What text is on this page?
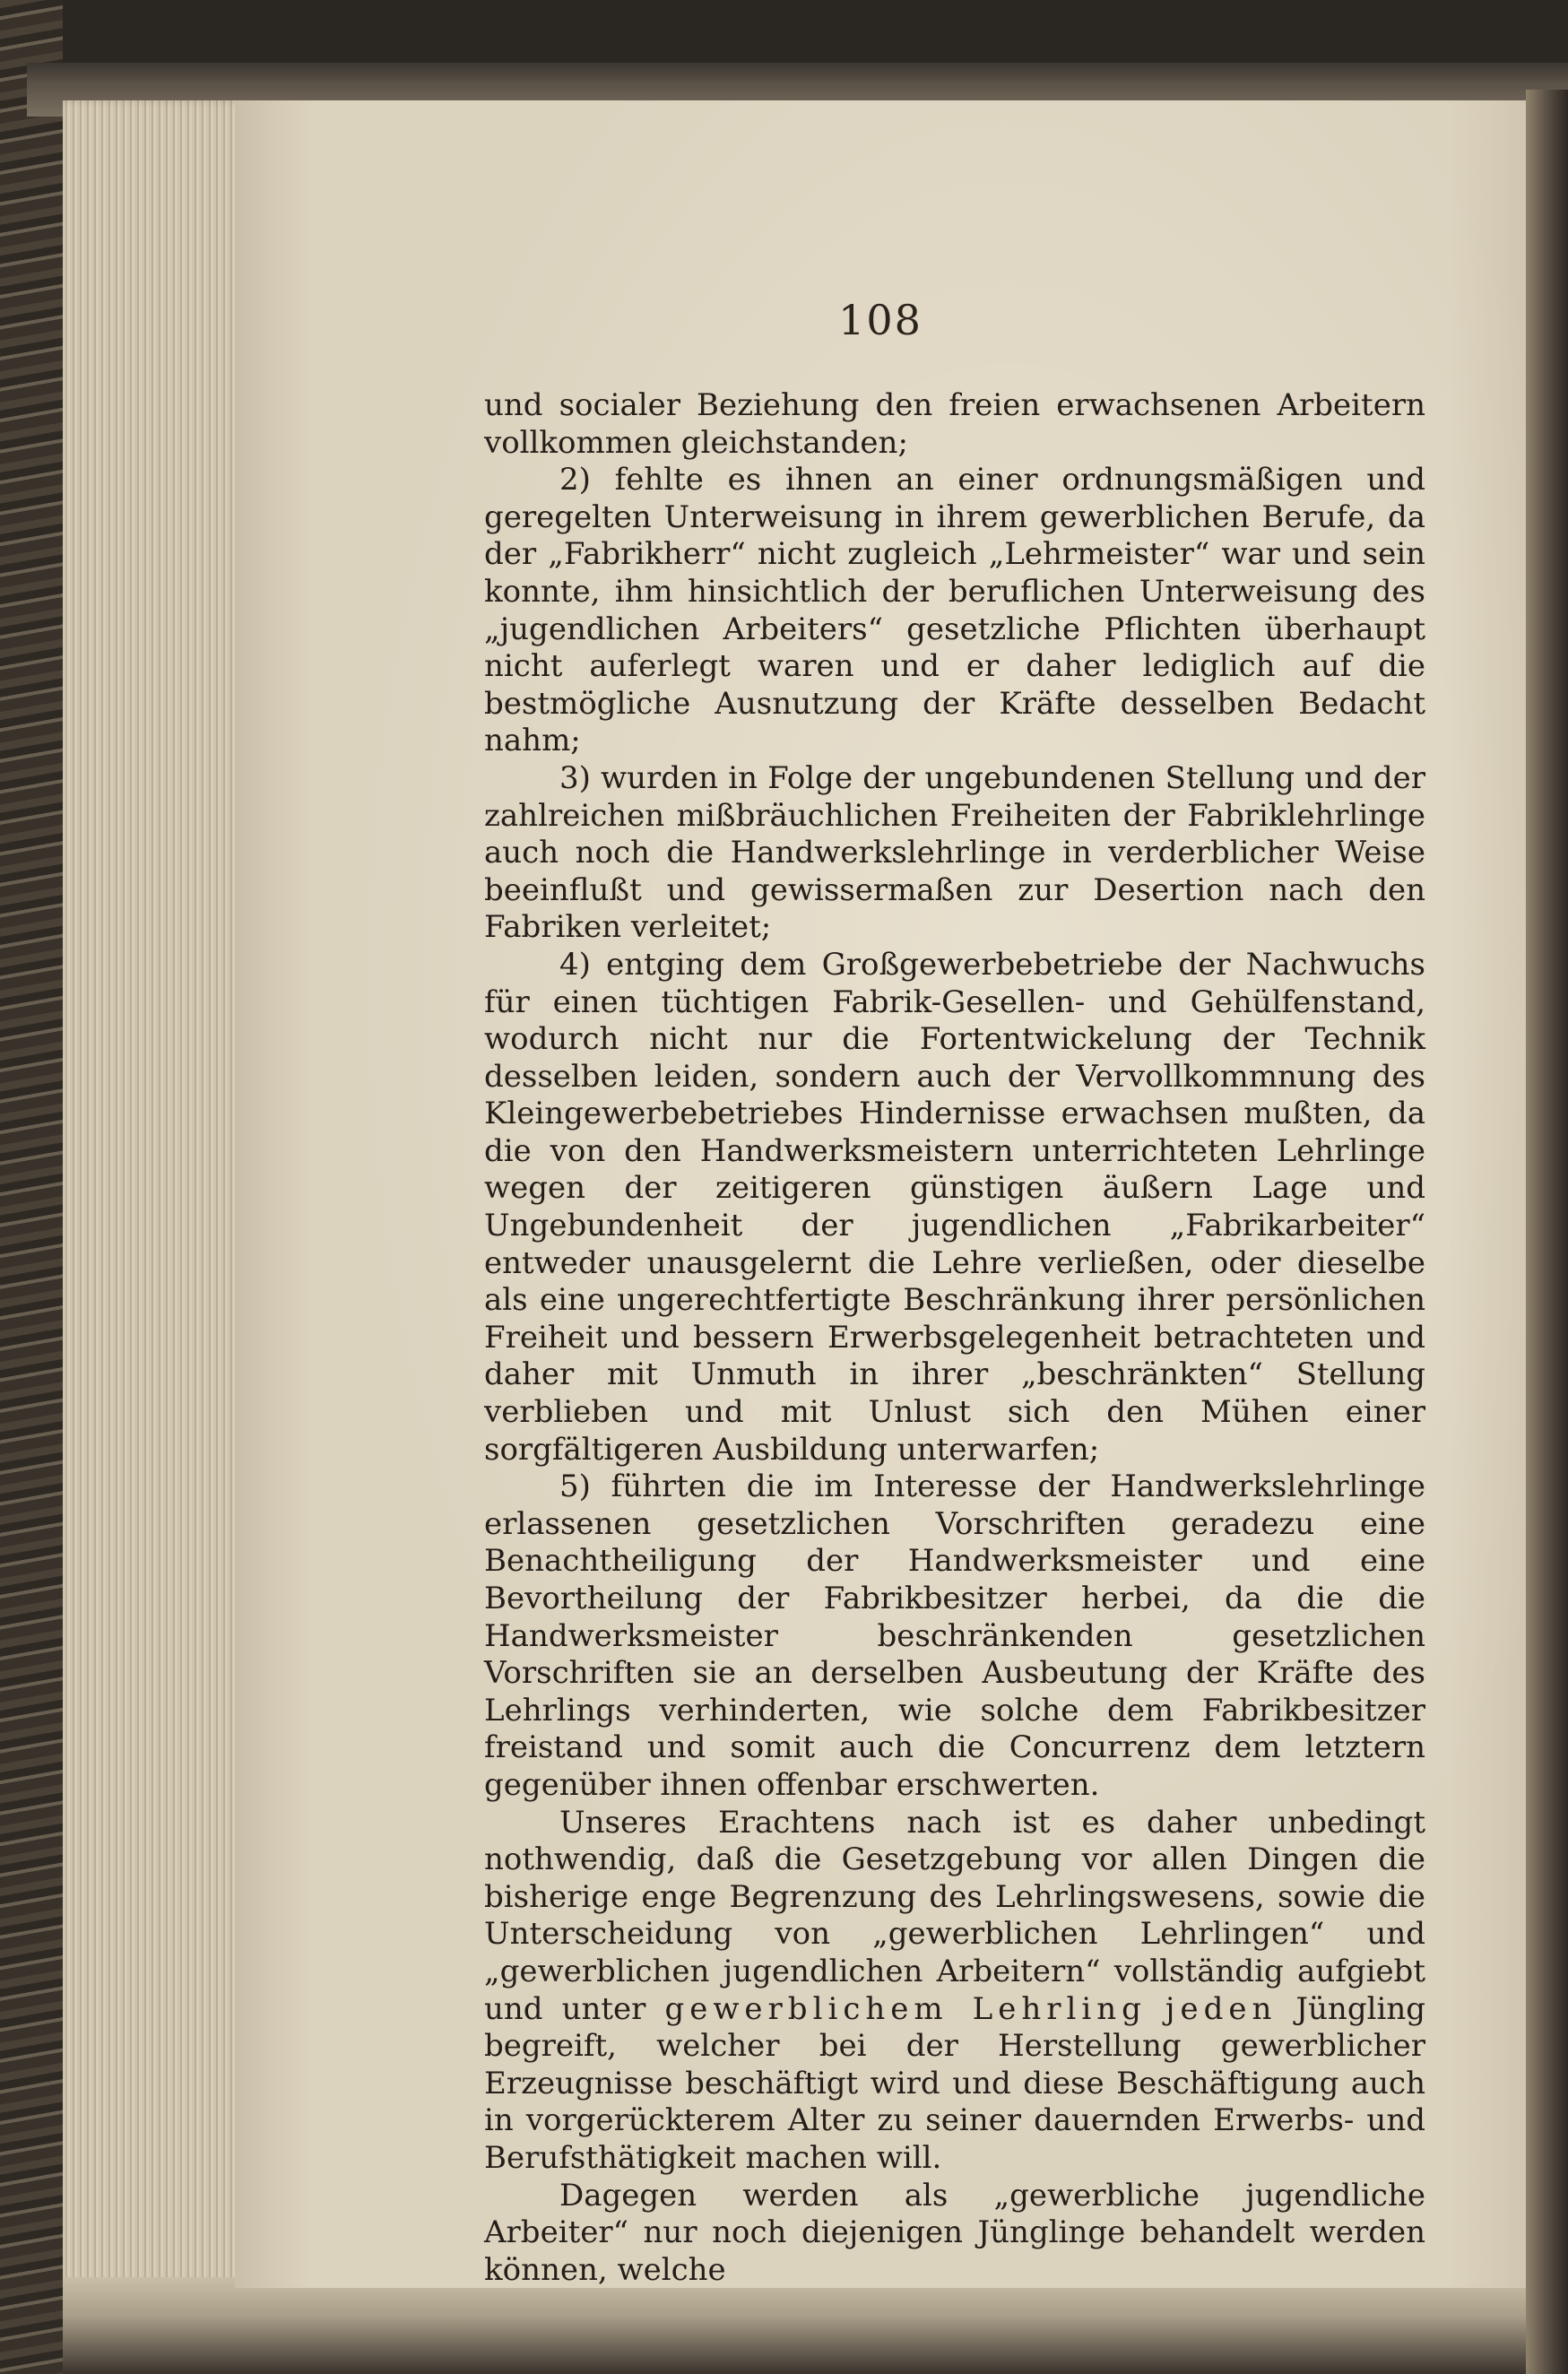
108

und socialer Beziehung den freien erwachsenen Arbeitern vollkommen gleichstanden;

2) fehlte es ihnen an einer ordnungsmäßigen und geregelten Unterweisung in ihrem gewerblichen Berufe, da der „Fabrikherr“ nicht zugleich „Lehrmeister“ war und sein konnte, ihm hinsichtlich der beruflichen Unterweisung des „jugendlichen Arbeiters“ gesetzliche Pflichten überhaupt nicht auferlegt waren und er daher lediglich auf die bestmögliche Ausnutzung der Kräfte desselben Bedacht nahm;

3) wurden in Folge der ungebundenen Stellung und der zahlreichen mißbräuchlichen Freiheiten der Fabriklehrlinge auch noch die Handwerkslehrlinge in verderblicher Weise beeinflußt und gewissermaßen zur Desertion nach den Fabriken verleitet;

4) entging dem Großgewerbebetriebe der Nachwuchs für einen tüchtigen Fabrik-Gesellen- und Gehülfenstand, wodurch nicht nur die Fortentwickelung der Technik desselben leiden, sondern auch der Vervollkommnung des Kleingewerbebetriebes Hindernisse erwachsen mußten, da die von den Handwerksmeistern unterrichteten Lehrlinge wegen der zeitigeren günstigen äußern Lage und Ungebundenheit der jugendlichen „Fabrikarbeiter“ entweder unausgelernt die Lehre verließen, oder dieselbe als eine ungerechtfertigte Beschränkung ihrer persönlichen Freiheit und bessern Erwerbsgelegenheit betrachteten und daher mit Unmuth in ihrer „beschränkten“ Stellung verblieben und mit Unlust sich den Mühen einer sorgfältigeren Ausbildung unterwarfen;

5) führten die im Interesse der Handwerkslehrlinge erlassenen gesetzlichen Vorschriften geradezu eine Benachtheiligung der Handwerksmeister und eine Bevortheilung der Fabrikbesitzer herbei, da die die Handwerksmeister beschränkenden gesetzlichen Vorschriften sie an derselben Ausbeutung der Kräfte des Lehrlings verhinderten, wie solche dem Fabrikbesitzer freistand und somit auch die Concurrenz dem letztern gegenüber ihnen offenbar erschwerten.

Unseres Erachtens nach ist es daher unbedingt nothwendig, daß die Gesetzgebung vor allen Dingen die bisherige enge Begrenzung des Lehrlingswesens, sowie die Unterscheidung von „gewerblichen Lehrlingen“ und „gewerblichen jugendlichen Arbeitern“ vollständig aufgiebt und unter gewerblichem Lehrling jeden Jüngling begreift, welcher bei der Herstellung gewerblicher Erzeugnisse beschäftigt wird und diese Beschäftigung auch in vorgerückterem Alter zu seiner dauernden Erwerbs- und Berufsthätigkeit machen will.

Dagegen werden als „gewerbliche jugendliche Arbeiter“ nur noch diejenigen Jünglinge behandelt werden können, welche
